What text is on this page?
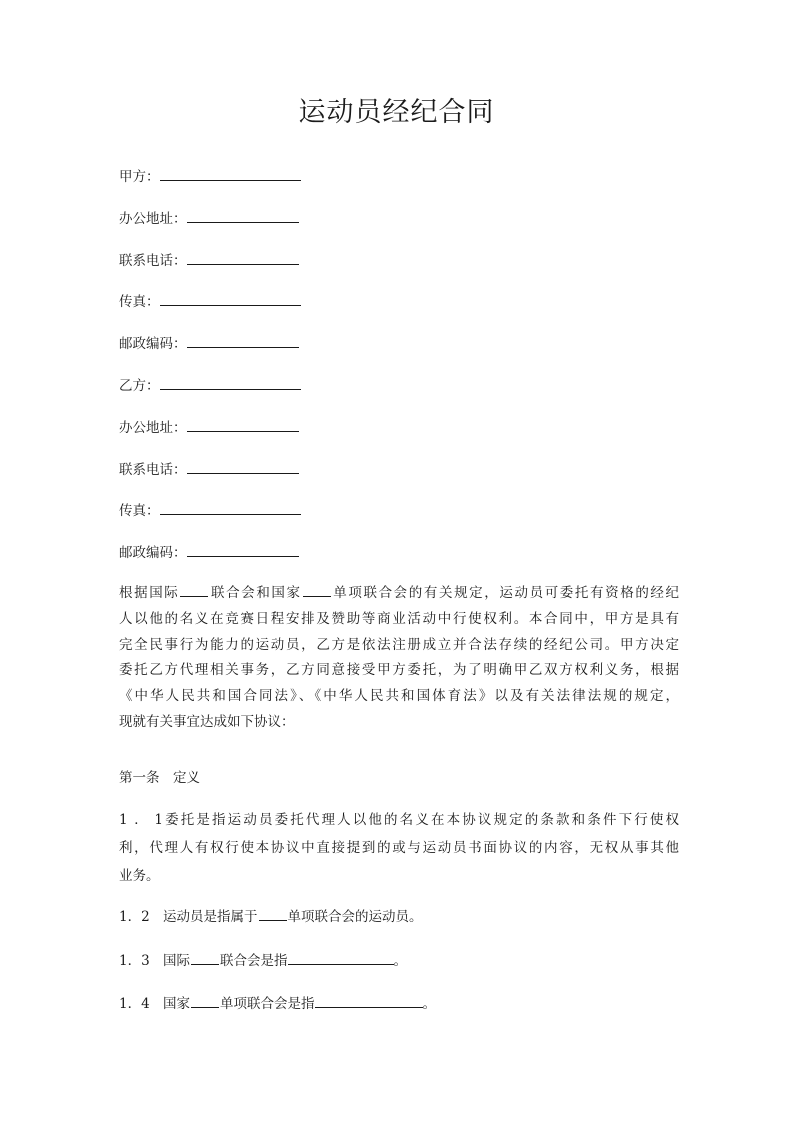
运动员经纪合同
甲方：
办公地址：
联系电话：
传真：
邮政编码：
乙方：
办公地址：
联系电话：
传真：
邮政编码：
根据国际 联合会和国家 单项联合会的有关规定，运动员可委托有资格的经纪
人以他的名义在竞赛日程安排及赞助等商业活动中行使权利。本合同中，甲方是具有
完全民事行为能力的运动员，乙方是依法注册成立并合法存续的经纪公司。甲方决定
委托乙方代理相关事务，乙方同意接受甲方委托，为了明确甲乙双方权利义务，根据
《中华人民共和国合同法》、《中华人民共和国体育法》以及有关法律法规的规定，
现就有关事宜达成如下协议：
第一条　定义
1．1委托是指运动员委托代理人以他的名义在本协议规定的条款和条件下行使权
利，代理人有权行使本协议中直接提到的或与运动员书面协议的内容，无权从事其他
业务。
1．2 运动员是指属于 单项联合会的运动员。
1．3 国际 联合会是指	。
1．4 国家 单项联合会是指	。
